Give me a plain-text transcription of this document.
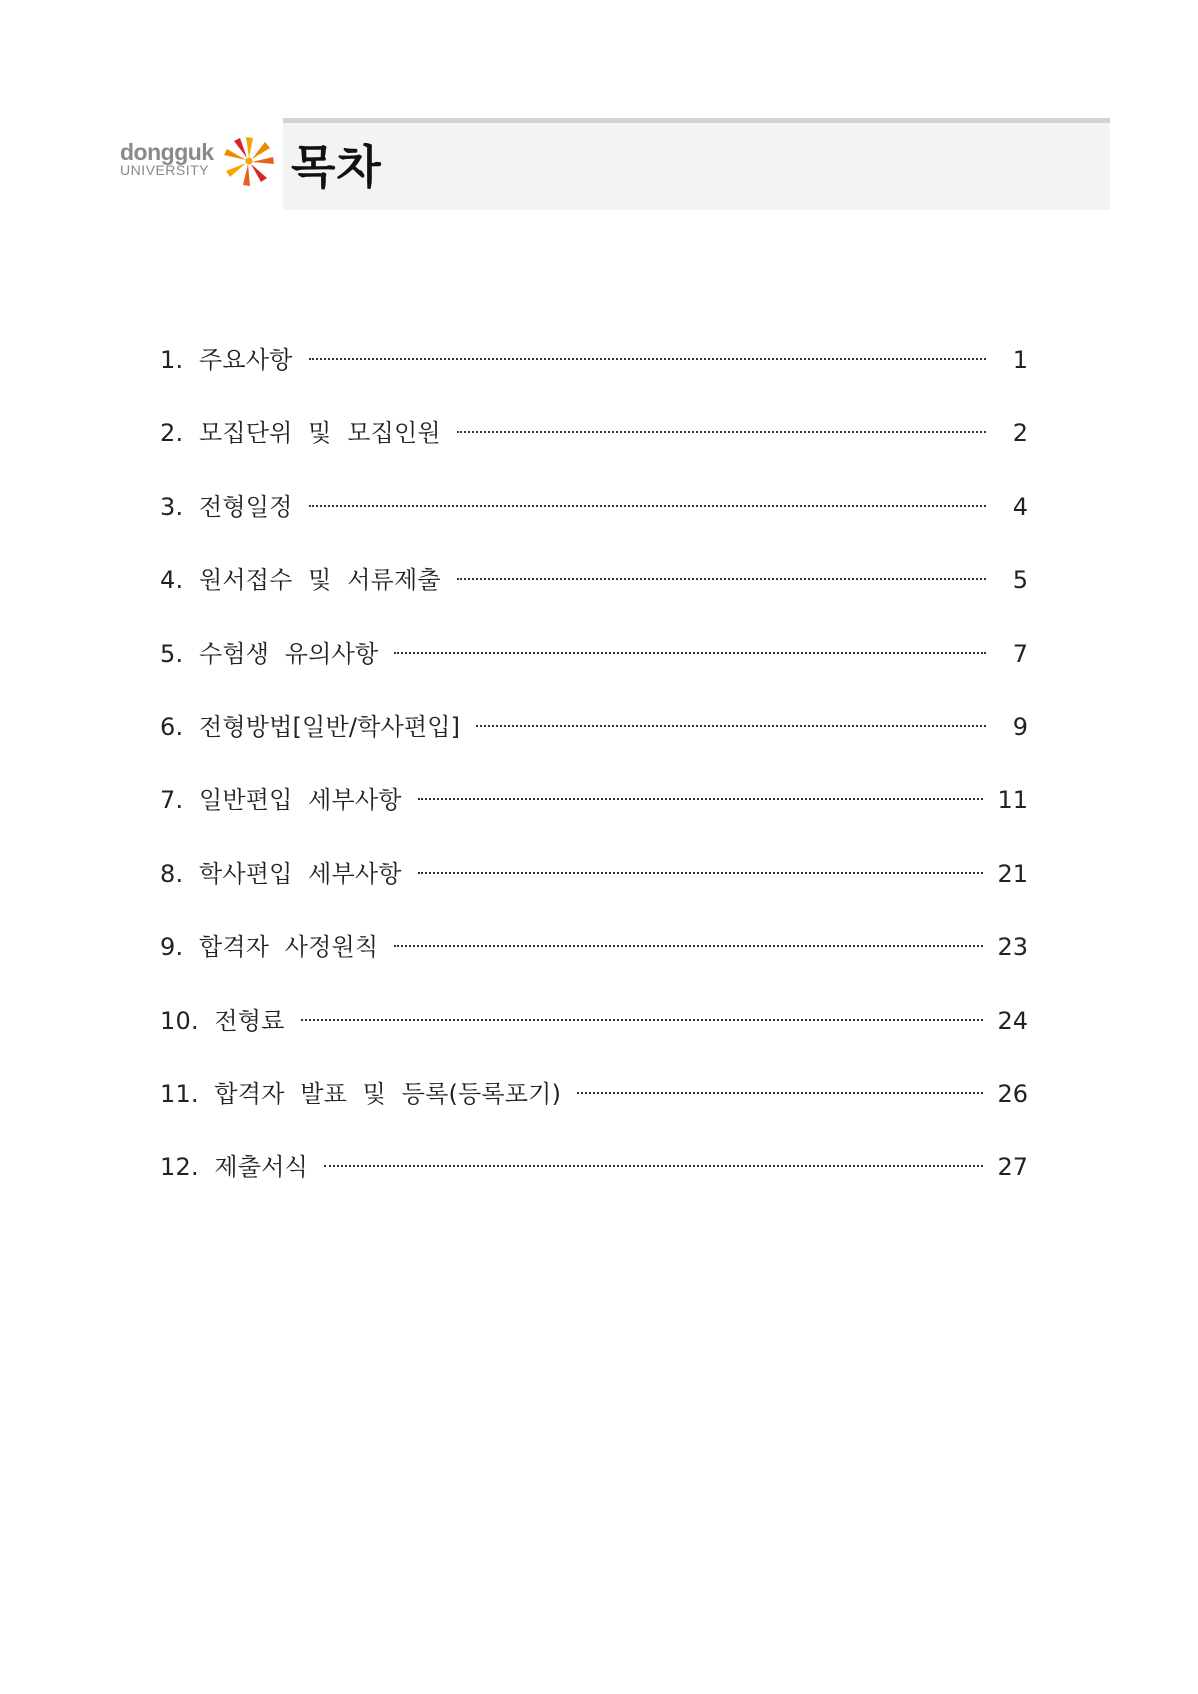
dongguk
UNIVERSITY	목차
1.  주요사항	1
2.  모집단위  및  모집인원	2
3.  전형일정	4
4.  원서접수  및  서류제출	5
5.  수험생  유의사항	7
6.  전형방법[일반/학사편입]	9
7.  일반편입  세부사항	11
8.  학사편입  세부사항	21
9.  합격자  사정원칙	23
10.  전형료	24
11.  합격자  발표  및  등록(등록포기)	26
12.  제출서식	27
